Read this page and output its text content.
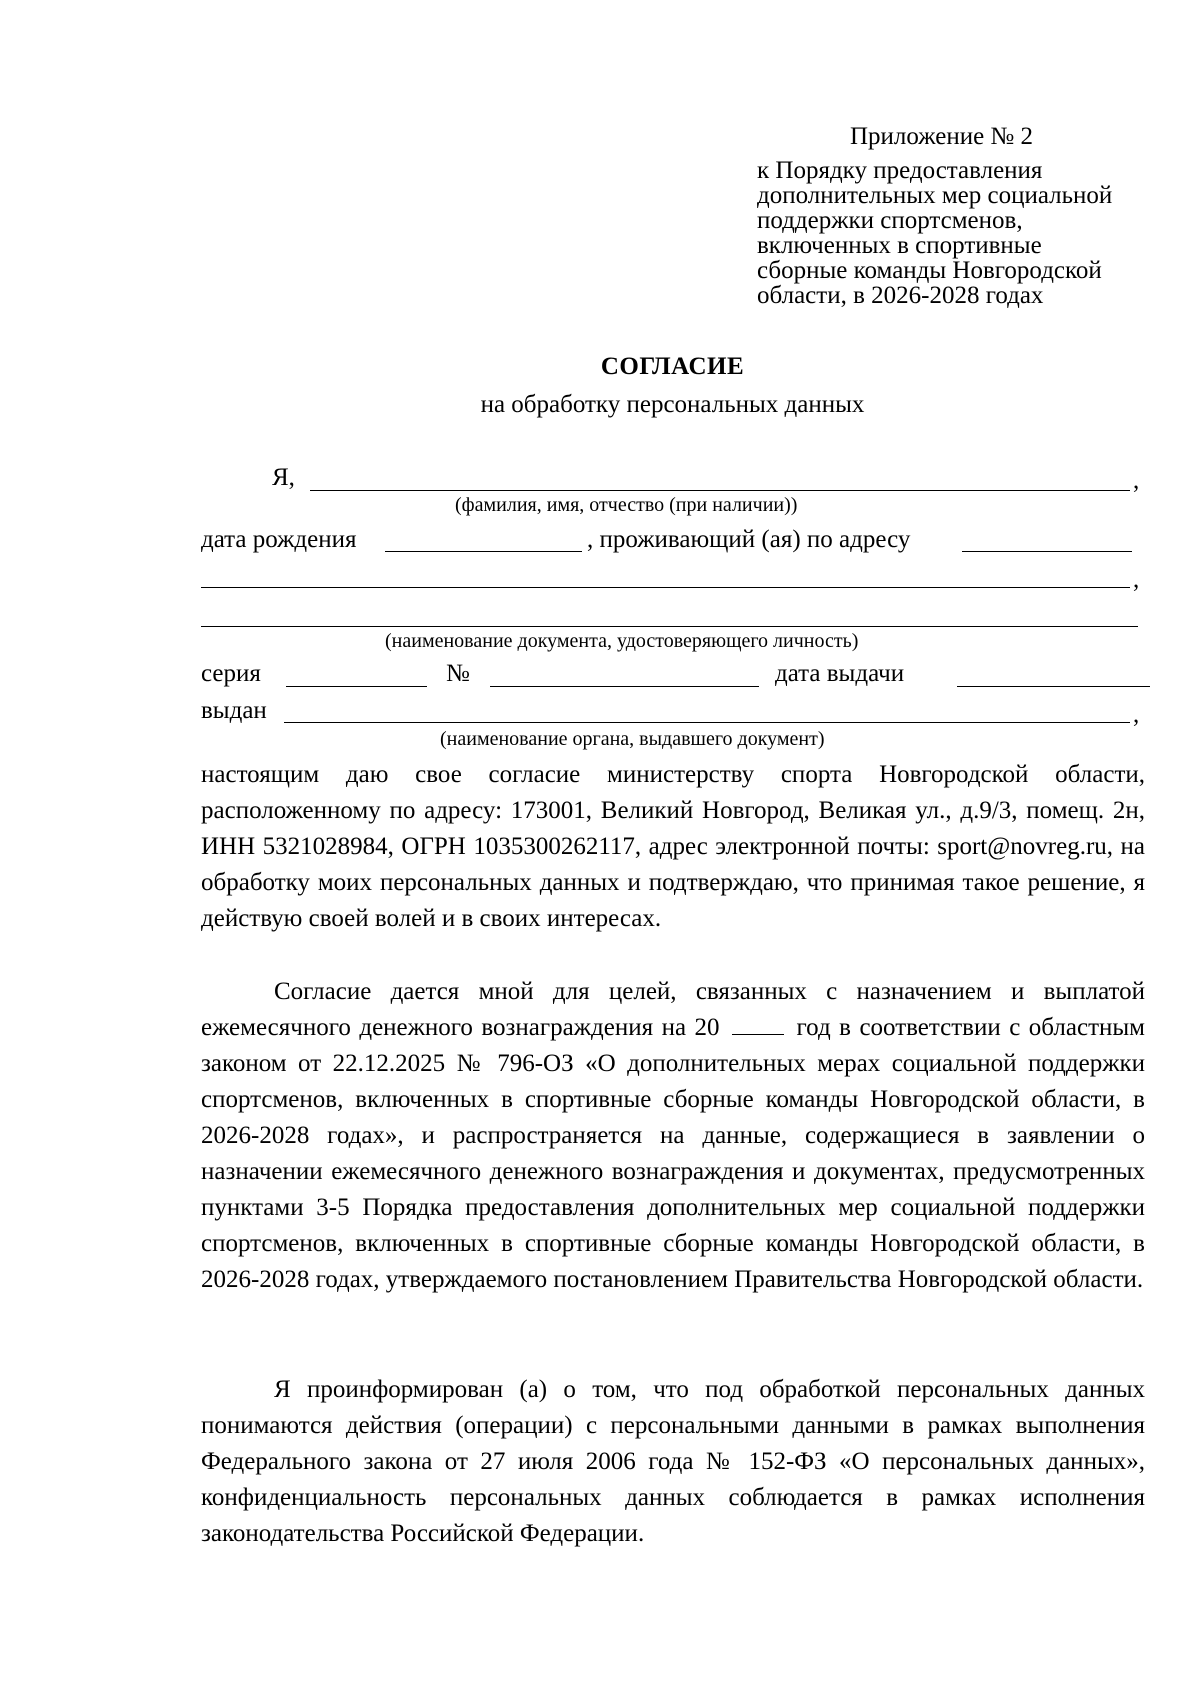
Приложение № 2
к Порядку предоставления
дополнительных мер социальной
поддержки спортсменов,
включенных в спортивные
сборные команды Новгородской
области, в 2026-2028 годах
СОГЛАСИЕ
на обработку персональных данных
Я,	,
(фамилия, имя, отчество (при наличии))
дата рождения	, проживающий (ая) по адресу
,
(наименование документа, удостоверяющего личность)
серия	№	дата выдачи
выдан	,
(наименование органа, выдавшего документ)
настоящим даю свое согласие министерству спорта Новгородской области, расположенному по адресу: 173001, Великий Новгород, Великая ул., д.9/3, помещ. 2н, ИНН 5321028984, ОГРН 1035300262117, адрес электронной почты: sport@novreg.ru, на обработку моих персональных данных и подтверждаю, что принимая такое решение, я действую своей волей и в своих интересах.
Согласие дается мной для целей, связанных с назначением и выплатой ежемесячного денежного вознаграждения на 20  год в соответствии с областным законом от 22.12.2025 № 796-ОЗ «О дополнительных мерах социальной поддержки спортсменов, включенных в спортивные сборные команды Новгородской области, в 2026-2028 годах», и распространяется на данные, содержащиеся в заявлении о назначении ежемесячного денежного вознаграждения и документах, предусмотренных пунктами 3-5 Порядка предоставления дополнительных мер социальной поддержки спортсменов, включенных в спортивные сборные команды Новгородской области, в 2026-2028 годах, утверждаемого постановлением Правительства Новгородской области.
Я проинформирован (а) о том, что под обработкой персональных данных понимаются действия (операции) с персональными данными в рамках выполнения Федерального закона от 27 июля 2006 года № 152-ФЗ «О персональных данных», конфиденциальность персональных данных соблюдается в рамках исполнения законодательства Российской Федерации.
